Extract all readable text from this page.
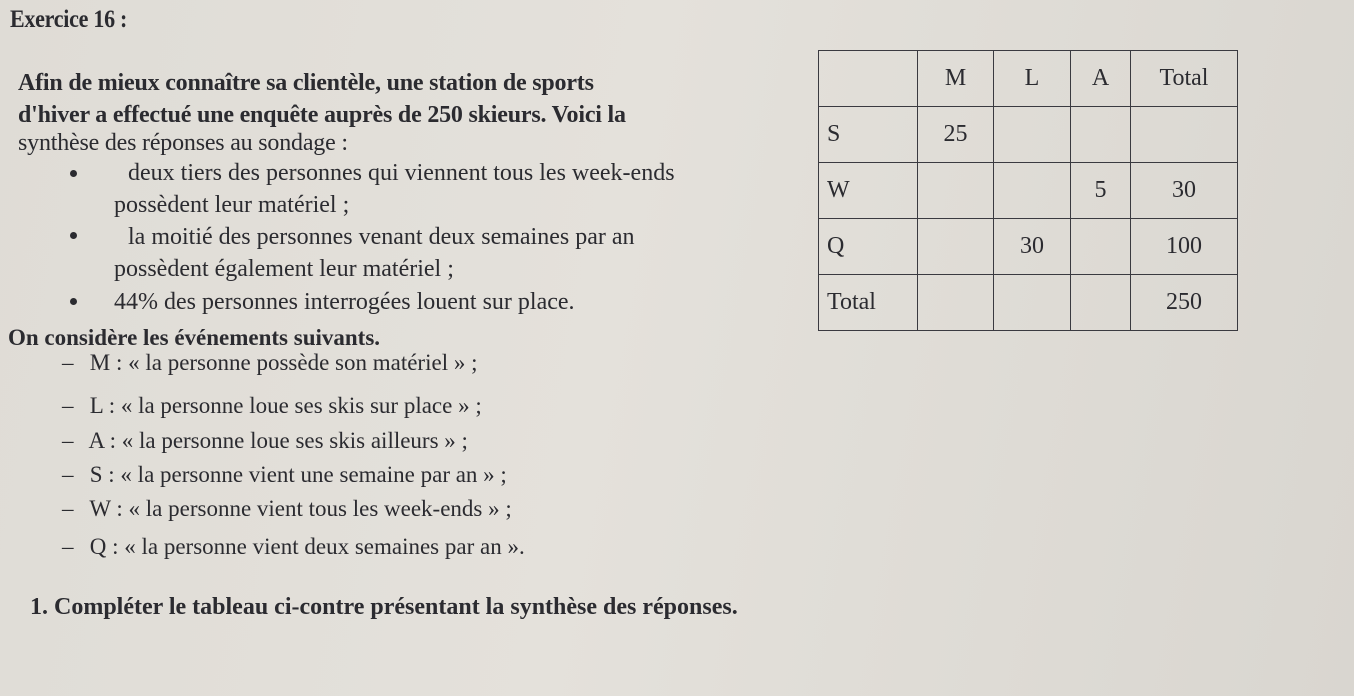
Exercice 16 :
Afin de mieux connaître sa clientèle, une station de sports
d'hiver a effectué une enquête auprès de 250 skieurs. Voici la
synthèse des réponses au sondage :
deux tiers des personnes qui viennent tous les week-ends
possèdent leur matériel ;
la moitié des personnes venant deux semaines par an
possèdent également leur matériel ;
44% des personnes interrogées louent sur place.
On considère les événements suivants.
– M : « la personne possède son matériel » ;
– L : « la personne loue ses skis sur place » ;
– A : « la personne loue ses skis ailleurs » ;
– S : « la personne vient une semaine par an » ;
– W : « la personne vient tous les week-ends » ;
– Q : « la personne vient deux semaines par an ».
1. Compléter le tableau ci-contre présentant la synthèse des réponses.
	M	L	A	Total
S	25			
W			5	30
Q		30		100
Total				250
